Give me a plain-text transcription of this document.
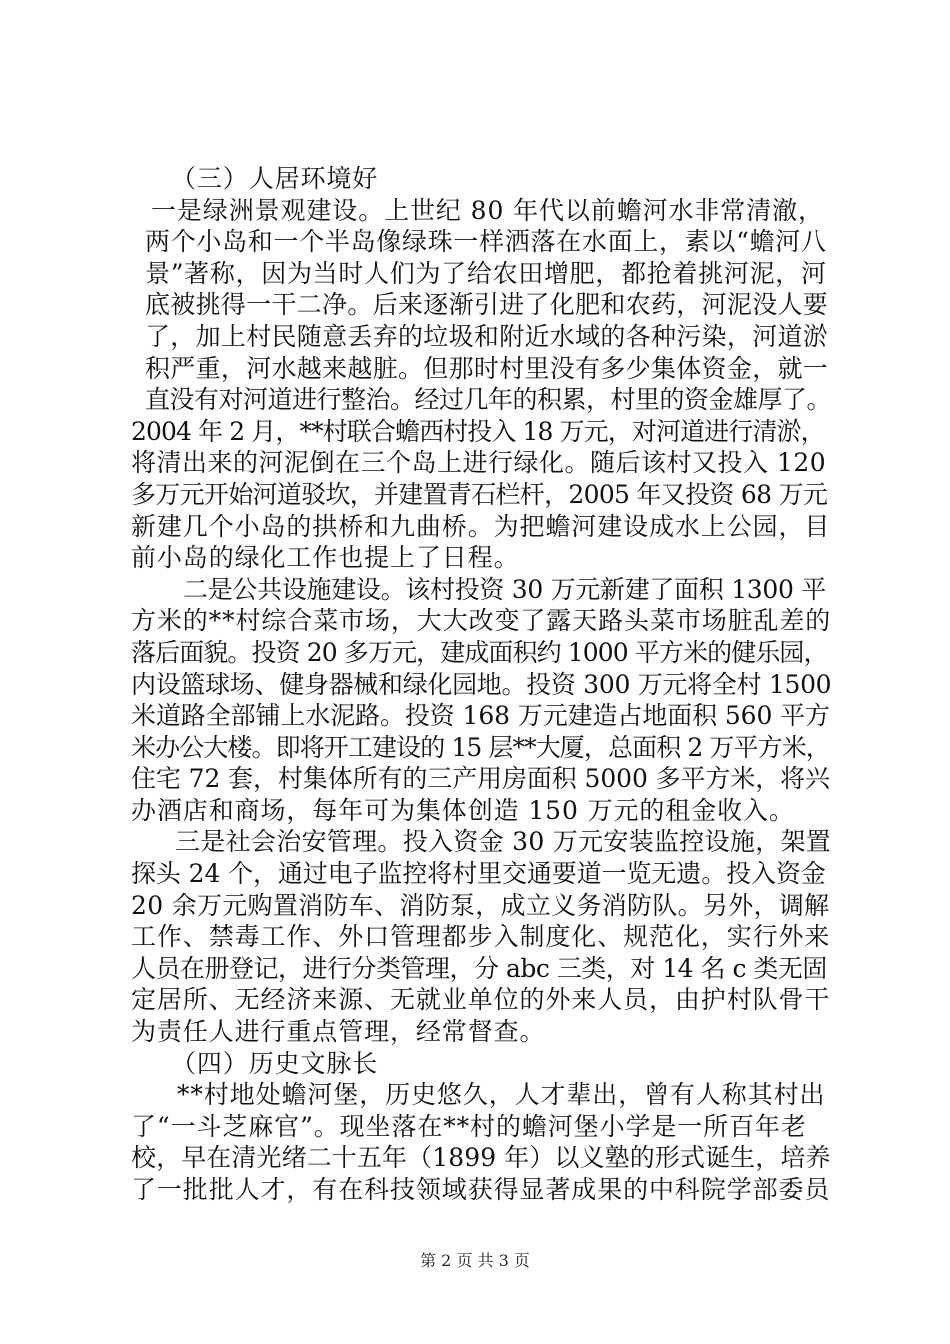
（三）人居环境好
一是绿洲景观建设。上世纪 80 年代以前蟾河水非常清澈，
两个小岛和一个半岛像绿珠一样洒落在水面上，素以“蟾河八
景”著称，因为当时人们为了给农田增肥，都抢着挑河泥，河
底被挑得一干二净。后来逐渐引进了化肥和农药，河泥没人要
了，加上村民随意丢弃的垃圾和附近水域的各种污染，河道淤
积严重，河水越来越脏。但那时村里没有多少集体资金，就一
直没有对河道进行整治。经过几年的积累，村里的资金雄厚了。
2004 年 2 月，**村联合蟾西村投入 18 万元，对河道进行清淤，
将清出来的河泥倒在三个岛上进行绿化。随后该村又投入 120
多万元开始河道驳坎，并建置青石栏杆，2005 年又投资 68 万元
新建几个小岛的拱桥和九曲桥。为把蟾河建设成水上公园，目
前小岛的绿化工作也提上了日程。
二是公共设施建设。该村投资 30 万元新建了面积 1300 平
方米的**村综合菜市场，大大改变了露天路头菜市场脏乱差的
落后面貌。投资 20 多万元，建成面积约 1000 平方米的健乐园，
内设篮球场、健身器械和绿化园地。投资 300 万元将全村 1500
米道路全部铺上水泥路。投资 168 万元建造占地面积 560 平方
米办公大楼。即将开工建设的 15 层**大厦，总面积 2 万平方米，
住宅 72 套，村集体所有的三产用房面积 5000 多平方米，将兴
办酒店和商场，每年可为集体创造 150 万元的租金收入。
三是社会治安管理。投入资金 30 万元安装监控设施，架置
探头 24 个，通过电子监控将村里交通要道一览无遗。投入资金
20 余万元购置消防车、消防泵，成立义务消防队。另外，调解
工作、禁毒工作、外口管理都步入制度化、规范化，实行外来
人员在册登记，进行分类管理，分 abc 三类，对 14 名 c 类无固
定居所、无经济来源、无就业单位的外来人员，由护村队骨干
为责任人进行重点管理，经常督查。
（四）历史文脉长
**村地处蟾河堡，历史悠久，人才辈出，曾有人称其村出
了“一斗芝麻官”。现坐落在**村的蟾河堡小学是一所百年老
校，早在清光绪二十五年（1899 年）以义塾的形式诞生，培养
了一批批人才，有在科技领域获得显著成果的中科院学部委员
第 2 页 共 3 页
